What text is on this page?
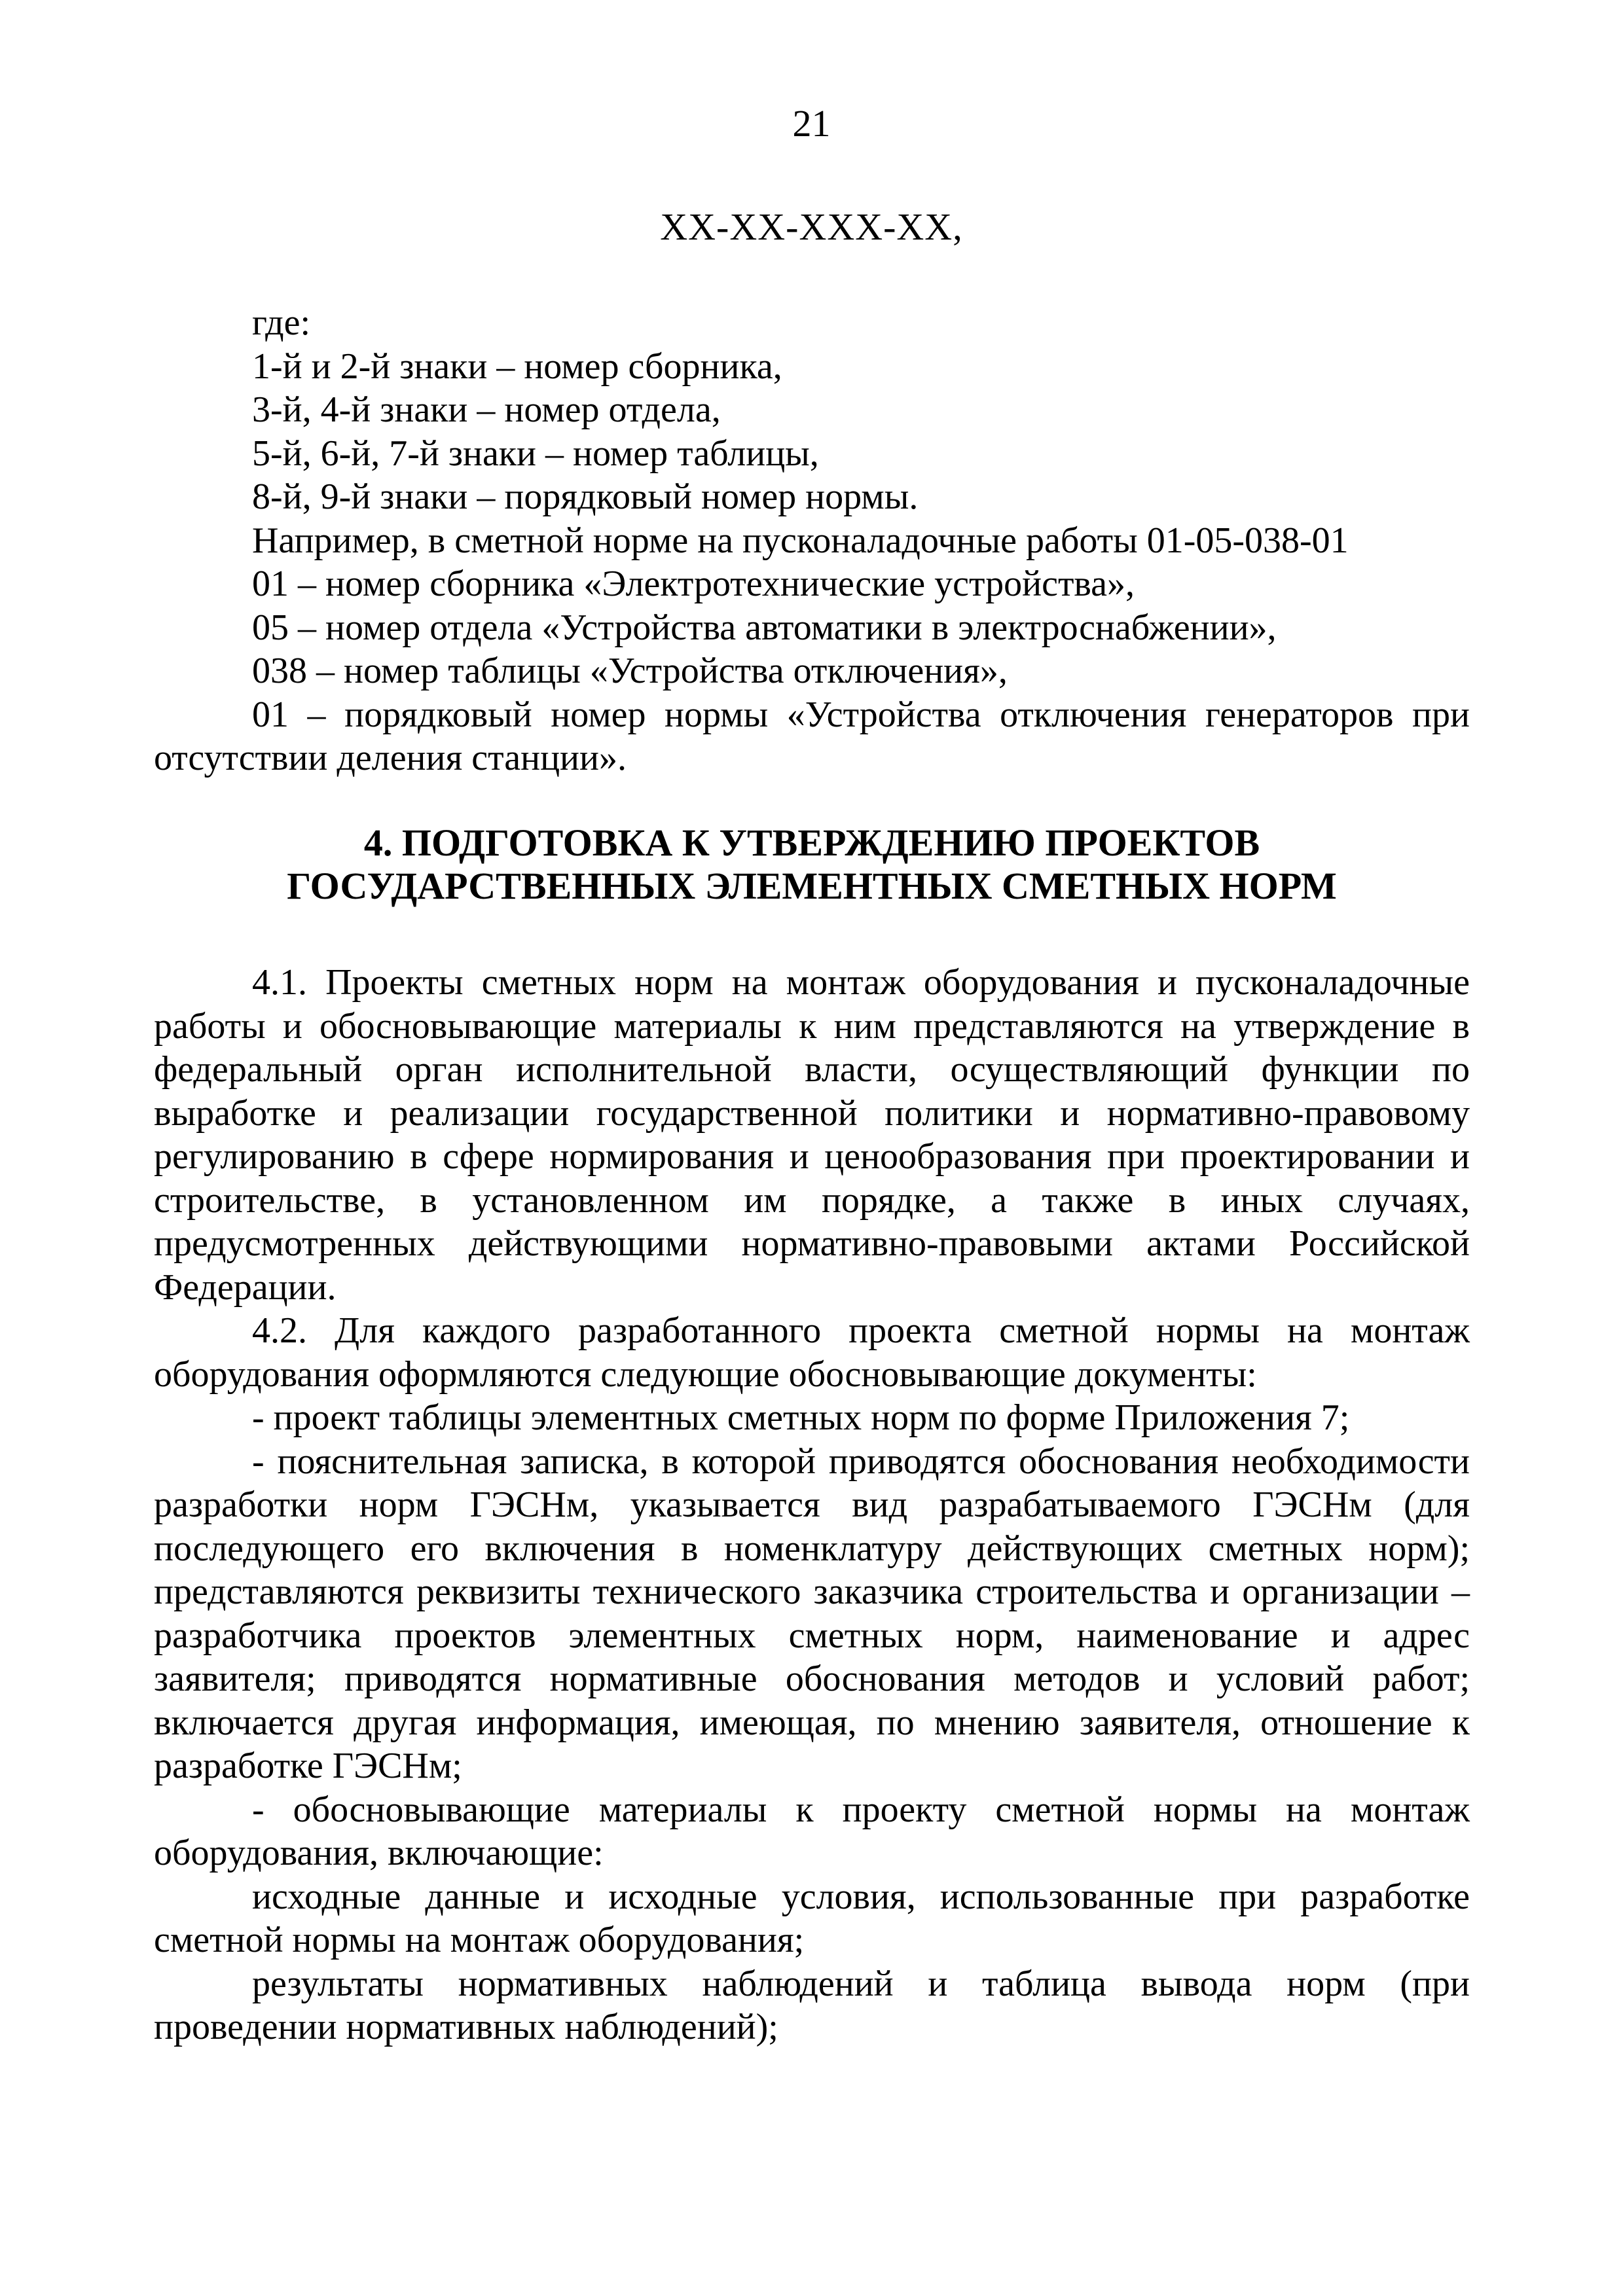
21
XX-XX-XXX-XX,
где:
1-й и 2-й знаки – номер сборника,
3-й, 4-й знаки – номер отдела,
5-й, 6-й, 7-й знаки – номер таблицы,
8-й, 9-й знаки – порядковый номер нормы.
Например, в сметной норме на пусконаладочные работы 01-05-038-01
01 – номер сборника «Электротехнические устройства»,
05 – номер отдела «Устройства автоматики в электроснабжении»,
038 – номер таблицы «Устройства отключения»,

01 – порядковый номер нормы «Устройства отключения генераторов при отсутствии деления станции».

4. ПОДГОТОВКА К УТВЕРЖДЕНИЮ ПРОЕКТОВ
ГОСУДАРСТВЕННЫХ ЭЛЕМЕНТНЫХ СМЕТНЫХ НОРМ

4.1. Проекты сметных норм на монтаж оборудования и пусконаладочные работы и обосновывающие материалы к ним представляются на утверждение в федеральный орган исполнительной власти, осуществляющий функции по выработке и реализации государственной политики и нормативно-правовому регулированию в сфере нормирования и ценообразования при проектировании и строительстве, в установленном им порядке, а также в иных случаях, предусмотренных действующими нормативно-правовыми актами Российской Федерации.

4.2. Для каждого разработанного проекта сметной нормы на монтаж оборудования оформляются следующие обосновывающие документы:

- проект таблицы элементных сметных норм по форме Приложения 7;

- пояснительная записка, в которой приводятся обоснования необходимости разработки норм ГЭСНм, указывается вид разрабатываемого ГЭСНм (для последующего его включения в номенклатуру действующих сметных норм); представляются реквизиты технического заказчика строительства и организации – разработчика проектов элементных сметных норм, наименование и адрес заявителя; приводятся нормативные обоснования методов и условий работ; включается другая информация, имеющая, по мнению заявителя, отношение к разработке ГЭСНм;

- обосновывающие материалы к проекту сметной нормы на монтаж оборудования, включающие:

исходные данные и исходные условия, использованные при разработке сметной нормы на монтаж оборудования;

результаты нормативных наблюдений и таблица вывода норм (при проведении нормативных наблюдений);
